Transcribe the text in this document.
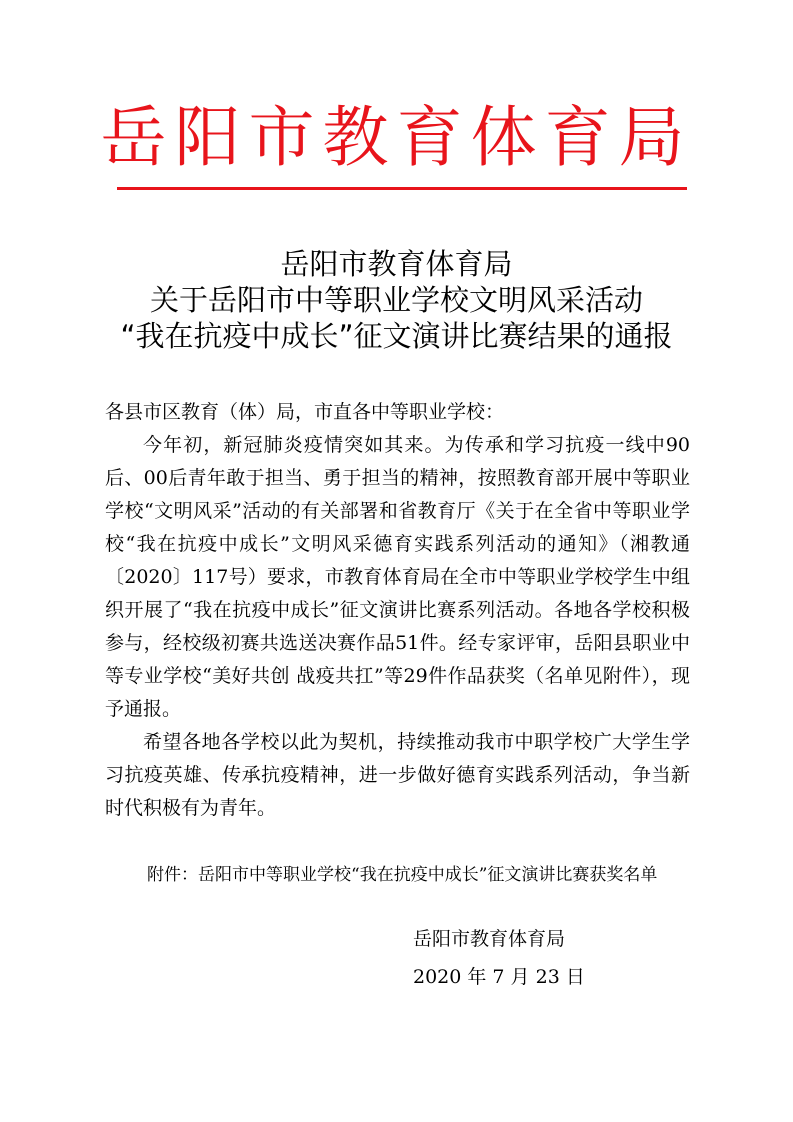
岳阳市教育体育局
岳阳市教育体育局
关于岳阳市中等职业学校文明风采活动
“我在抗疫中成长”征文演讲比赛结果的通报
各县市区教育（体）局，市直各中等职业学校：

今年初，新冠肺炎疫情突如其来。为传承和学习抗疫一线中90后、00后青年敢于担当、勇于担当的精神，按照教育部开展中等职业学校“文明风采”活动的有关部署和省教育厅《关于在全省中等职业学校“我在抗疫中成长”文明风采德育实践系列活动的通知》（湘教通〔2020〕117号）要求，市教育体育局在全市中等职业学校学生中组织开展了“我在抗疫中成长”征文演讲比赛系列活动。各地各学校积极参与，经校级初赛共选送决赛作品51件。经专家评审，岳阳县职业中等专业学校“美好共创 战疫共扛”等29件作品获奖（名单见附件），现予通报。

希望各地各学校以此为契机，持续推动我市中职学校广大学生学习抗疫英雄、传承抗疫精神，进一步做好德育实践系列活动，争当新时代积极有为青年。

附件：岳阳市中等职业学校“我在抗疫中成长”征文演讲比赛获奖名单
岳阳市教育体育局
2020 年 7 月 23 日
